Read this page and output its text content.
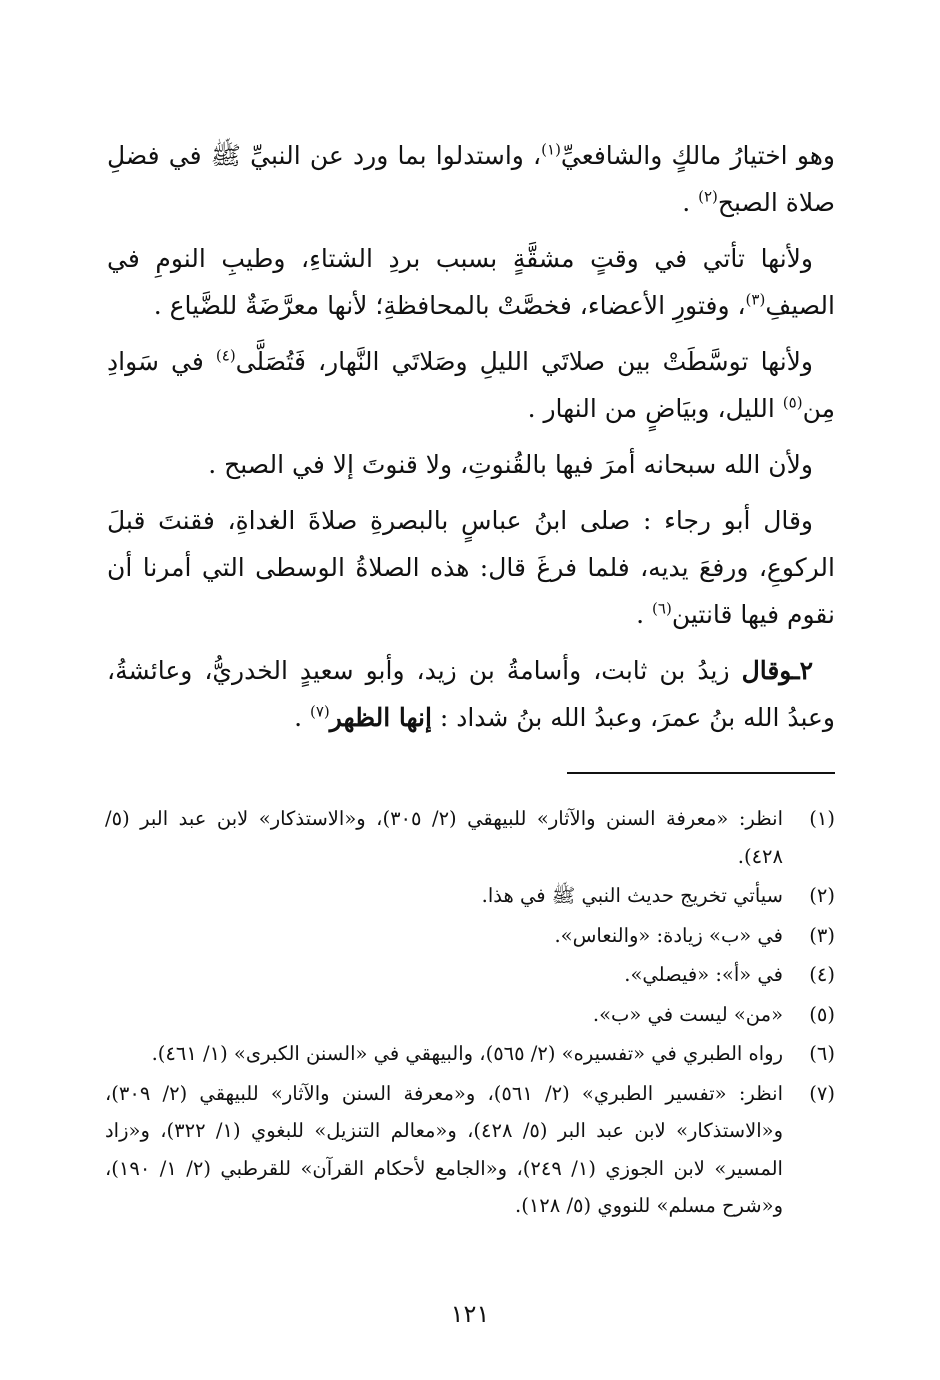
وهو اختيارُ مالكٍ والشافعيِّ$^{(١)}$، واستدلوا بما ورد عن النبيِّ ﷺ في فضلِ صلاة الصبح$^{(٢)}$ .

ولأنها تأتي في وقتٍ مشقَّةٍ بسبب بردِ الشتاءِ، وطيبِ النومِ في الصيفِ$^{(٣)}$، وفتورِ الأعضاء، فخصَّتْ بالمحافظةِ؛ لأنها معرَّضَةٌ للضَّياع .

ولأنها توسَّطَتْ بين صلاتَي الليلِ وصَلاتَي النَّهار، فَتُصَلَّى$^{(٤)}$ في سَوادِ مِن$^{(٥)}$ الليل، وبيَاضٍ من النهار .

ولأن الله سبحانه أمرَ فيها بالقُنوتِ، ولا قنوتَ إلا في الصبح .

وقال أبو رجاء : صلى ابنُ عباسٍ بالبصرةِ صلاةَ الغداةِ، فقنتَ قبلَ الركوعِ، ورفعَ يديه، فلما فرغَ قال: هذه الصلاةُ الوسطى التي أمرنا أن نقوم فيها قانتين$^{(٦)}$ .

٢ـوقال زيدُ بن ثابت، وأسامةُ بن زيد، وأبو سعيدٍ الخدريُّ، وعائشةُ، وعبدُ الله بنُ عمرَ، وعبدُ الله بنُ شداد : إنها الظهر$^{(٧)}$ .

(١)
انظر: «معرفة السنن والآثار» للبيهقي (٢/ ٣٠٥)، و«الاستذكار» لابن عبد البر (٥/ ٤٢٨).
(٢)
سيأتي تخريج حديث النبي ﷺ في هذا.
(٣)
في «ب» زيادة: «والنعاس».
(٤)
في «أ»: «فيصلي».
(٥)
«من» ليست في «ب».
(٦)
رواه الطبري في «تفسيره» (٢/ ٥٦٥)، والبيهقي في «السنن الكبرى» (١/ ٤٦١).
(٧)
انظر: «تفسير الطبري» (٢/ ٥٦١)، و«معرفة السنن والآثار» للبيهقي (٢/ ٣٠٩)، و«الاستذكار» لابن عبد البر (٥/ ٤٢٨)، و«معالم التنزيل» للبغوي (١/ ٣٢٢)، و«زاد المسير» لابن الجوزي (١/ ٢٤٩)، و«الجامع لأحكام القرآن» للقرطبي (٢/ ١/ ١٩٠)، و«شرح مسلم» للنووي (٥/ ١٢٨).
١٢١
